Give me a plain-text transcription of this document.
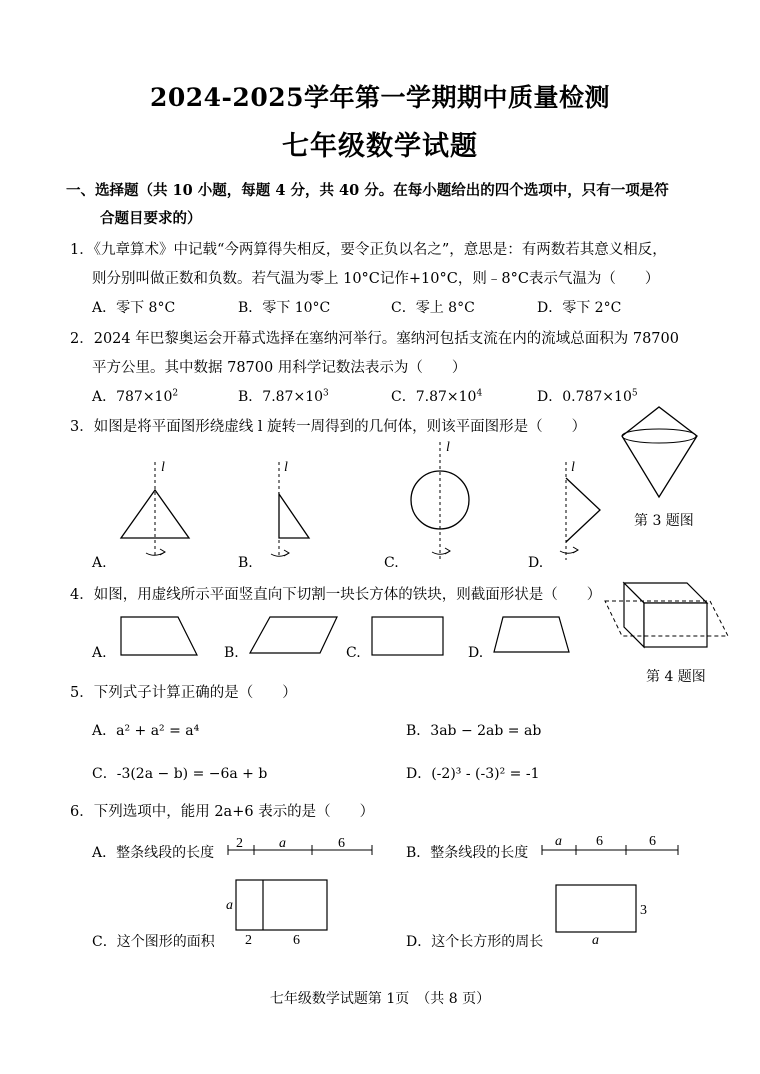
2024-2025学年第一学期期中质量检测
七年级数学试题
一、选择题（共 10 小题，每题 4 分，共 40 分。在每小题给出的四个选项中，只有一项是符
合题目要求的）
1．《九章算术》中记载“今两算得失相反，要令正负以名之”，意思是：有两数若其意义相反，
则分别叫做正数和负数。若气温为零上 10°C记作+10°C，则﹣8°C表示气温为（　　）
A．零下 8°C	B．零下 10°C	C．零上 8°C	D．零下 2°C
2．2024 年巴黎奥运会开幕式选择在塞纳河举行。塞纳河包括支流在内的流域总面积为 78700
平方公里。其中数据 78700 用科学记数法表示为（　　）
A．$787\times 10^2$	B．$7.87\times 10^3$	C．$7.87\times 10^4$	D．$0.787\times 10^5$
3．如图是将平面图形绕虚线 l 旋转一周得到的几何体，则该平面图形是（　　）
l	l
l
l
A.	B.	C.	D.
第 3 题图
4．如图，用虚线所示平面竖直向下切割一块长方体的铁块，则截面形状是（　　）
A.	B.	C.	D.
第 4 题图
5．下列式子计算正确的是（　　）
A．a² + a² = a⁴	B．3ab − 2ab = ab
C．-3(2a − b) = −6a + b	D．(-2)³ - (-3)² = -1
6．下列选项中，能用 2a+6 表示的是（　　）
A．整条线段的长度	B．整条线段的长度
C．这个图形的面积	D．这个长方形的周长
2	a	6	a 6	6
a
2	6
3
a
七年级数学试题第 1页　（共 8 页）
